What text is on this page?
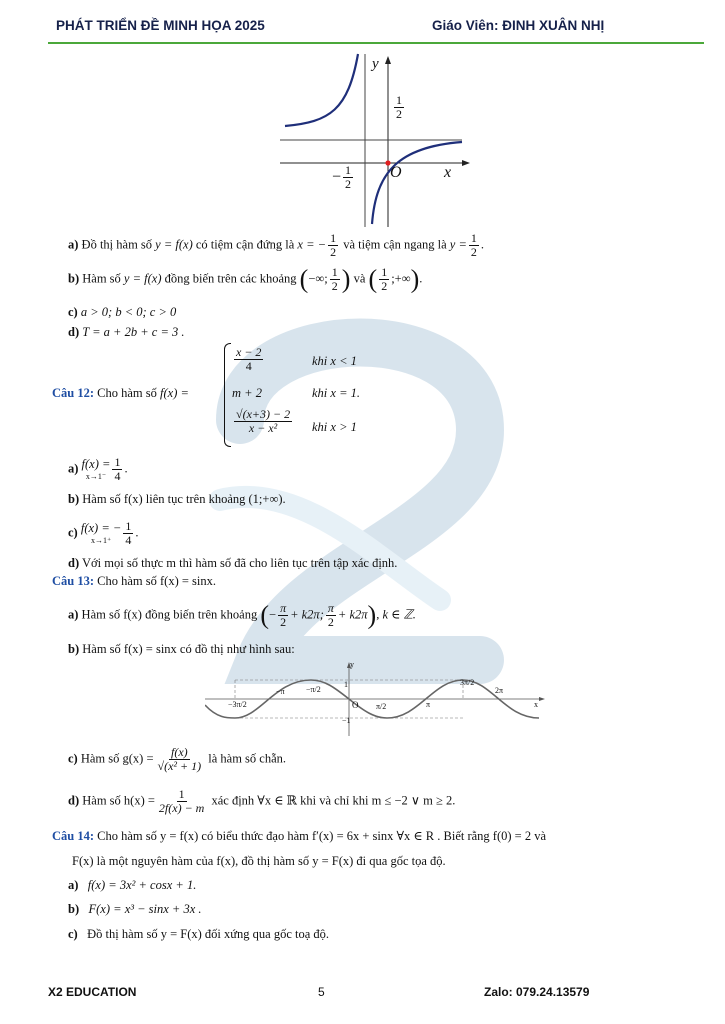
PHÁT TRIỂN ĐỀ MINH HỌA 2025	Giáo Viên: ĐINH XUÂN NHỊ
y
x
O
$\frac{1}{2}$
− $\frac{1}{2}$
a) Đồ thị hàm số y = f(x) có tiệm cận đứng là x = − $\frac{1}{2}$ và tiệm cận ngang là $y = \frac{1}{2}$ .
b) Hàm số y = f(x) đồng biến trên các khoảng (−∞; $\frac{1}{2}$ ) và ( $\frac{1}{2}$ ;+∞).
c) a > 0; b < 0; c > 0
d) T = a + 2b + c = 3 .
Câu 12: Cho hàm số f(x) =
$\frac{x - 2}{4}$	khi x < 1
m + 2	khi x = 1.
$\frac{√(x+3) - 2}{\text{x − x²}}$ khi x > 1
a) f(x) =
$x\to 1^- \frac{1}{4}$ .
b) Hàm số f(x) liên tục trên khoảng (1;+∞).
c) f(x) = −
$x\to 1^+ \frac{1}{4}$ .
d) Với mọi số thực m thì hàm số đã cho liên tục trên tập xác định.
Câu 13: Cho hàm số f(x) = sinx.
a) Hàm số f(x) đồng biến trên khoảng (− $\frac{\pi}{2} + k2\pi$; $\frac{\pi}{2} + k2\pi$), k ∈ ℤ.
b) Hàm số f(x) = sinx có đồ thị như hình sau:
y
x
1
−1
O
−π	−π/2
π/2	π
2π
3π/2
−3π/2
c) Hàm số $g(x) = \frac{f(x)}{\text{√(x² + 1)}}$ là hàm số chẵn.
d) Hàm số $h(x) = \frac{1}{2f(x) - m}$ xác định ∀x ∈ ℝ khi và chỉ khi m ≤ −2 ∨ m ≥ 2.
Câu 14: Cho hàm số y = f(x) có biểu thức đạo hàm f′(x) = 6x + sinx ∀x ∈ R . Biết rằng f(0) = 2 và
F(x) là một nguyên hàm của f(x), đồ thị hàm số y = F(x) đi qua gốc tọa độ.
a) f(x) = 3x² + cosx + 1.
b) F(x) = x³ − sinx + 3x .
c) Đồ thị hàm số y = F(x) đối xứng qua gốc toạ độ.
X2 EDUCATION	5	Zalo: 079.24.13579
